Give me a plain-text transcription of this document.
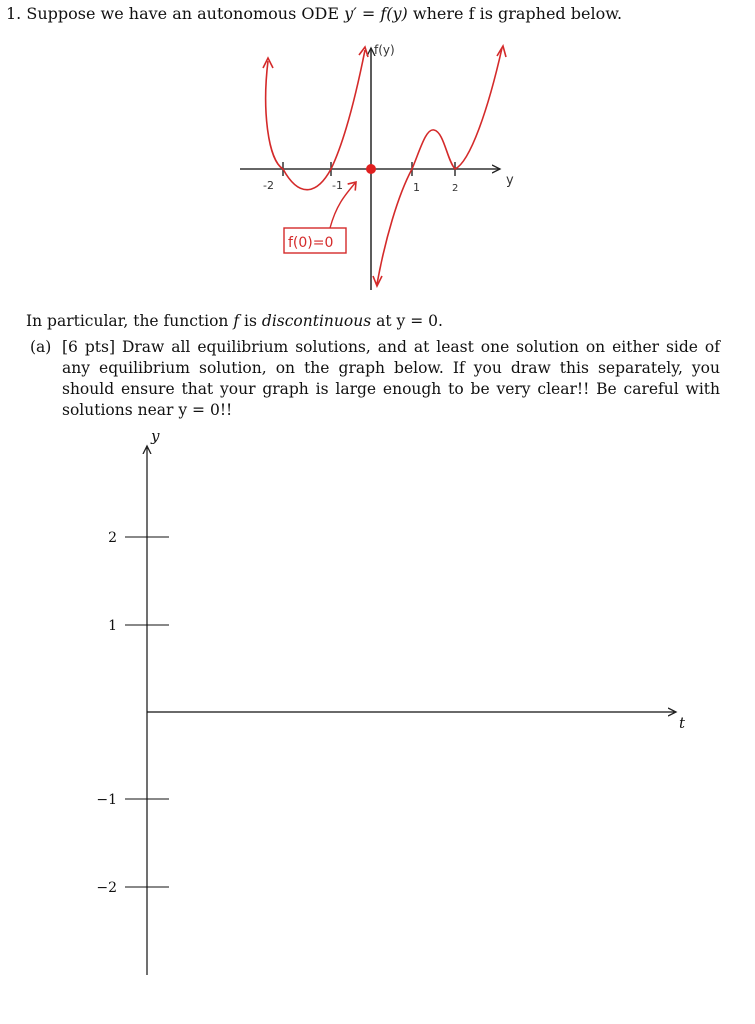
1. Suppose we have an autonomous ODE y′ = f(y) where f is graphed below.
-2	-1	1	2
y
f(y)
f(0)=0
y
t
2
1
−1
−2
In particular, the function f is discontinuous at y = 0.
(a) [6 pts] Draw all equilibrium solutions, and at least one solution on either side of any equilibrium solution, on the graph below. If you draw this separately, you should ensure that your graph is large enough to be very clear!! Be careful with solutions near y = 0!!
